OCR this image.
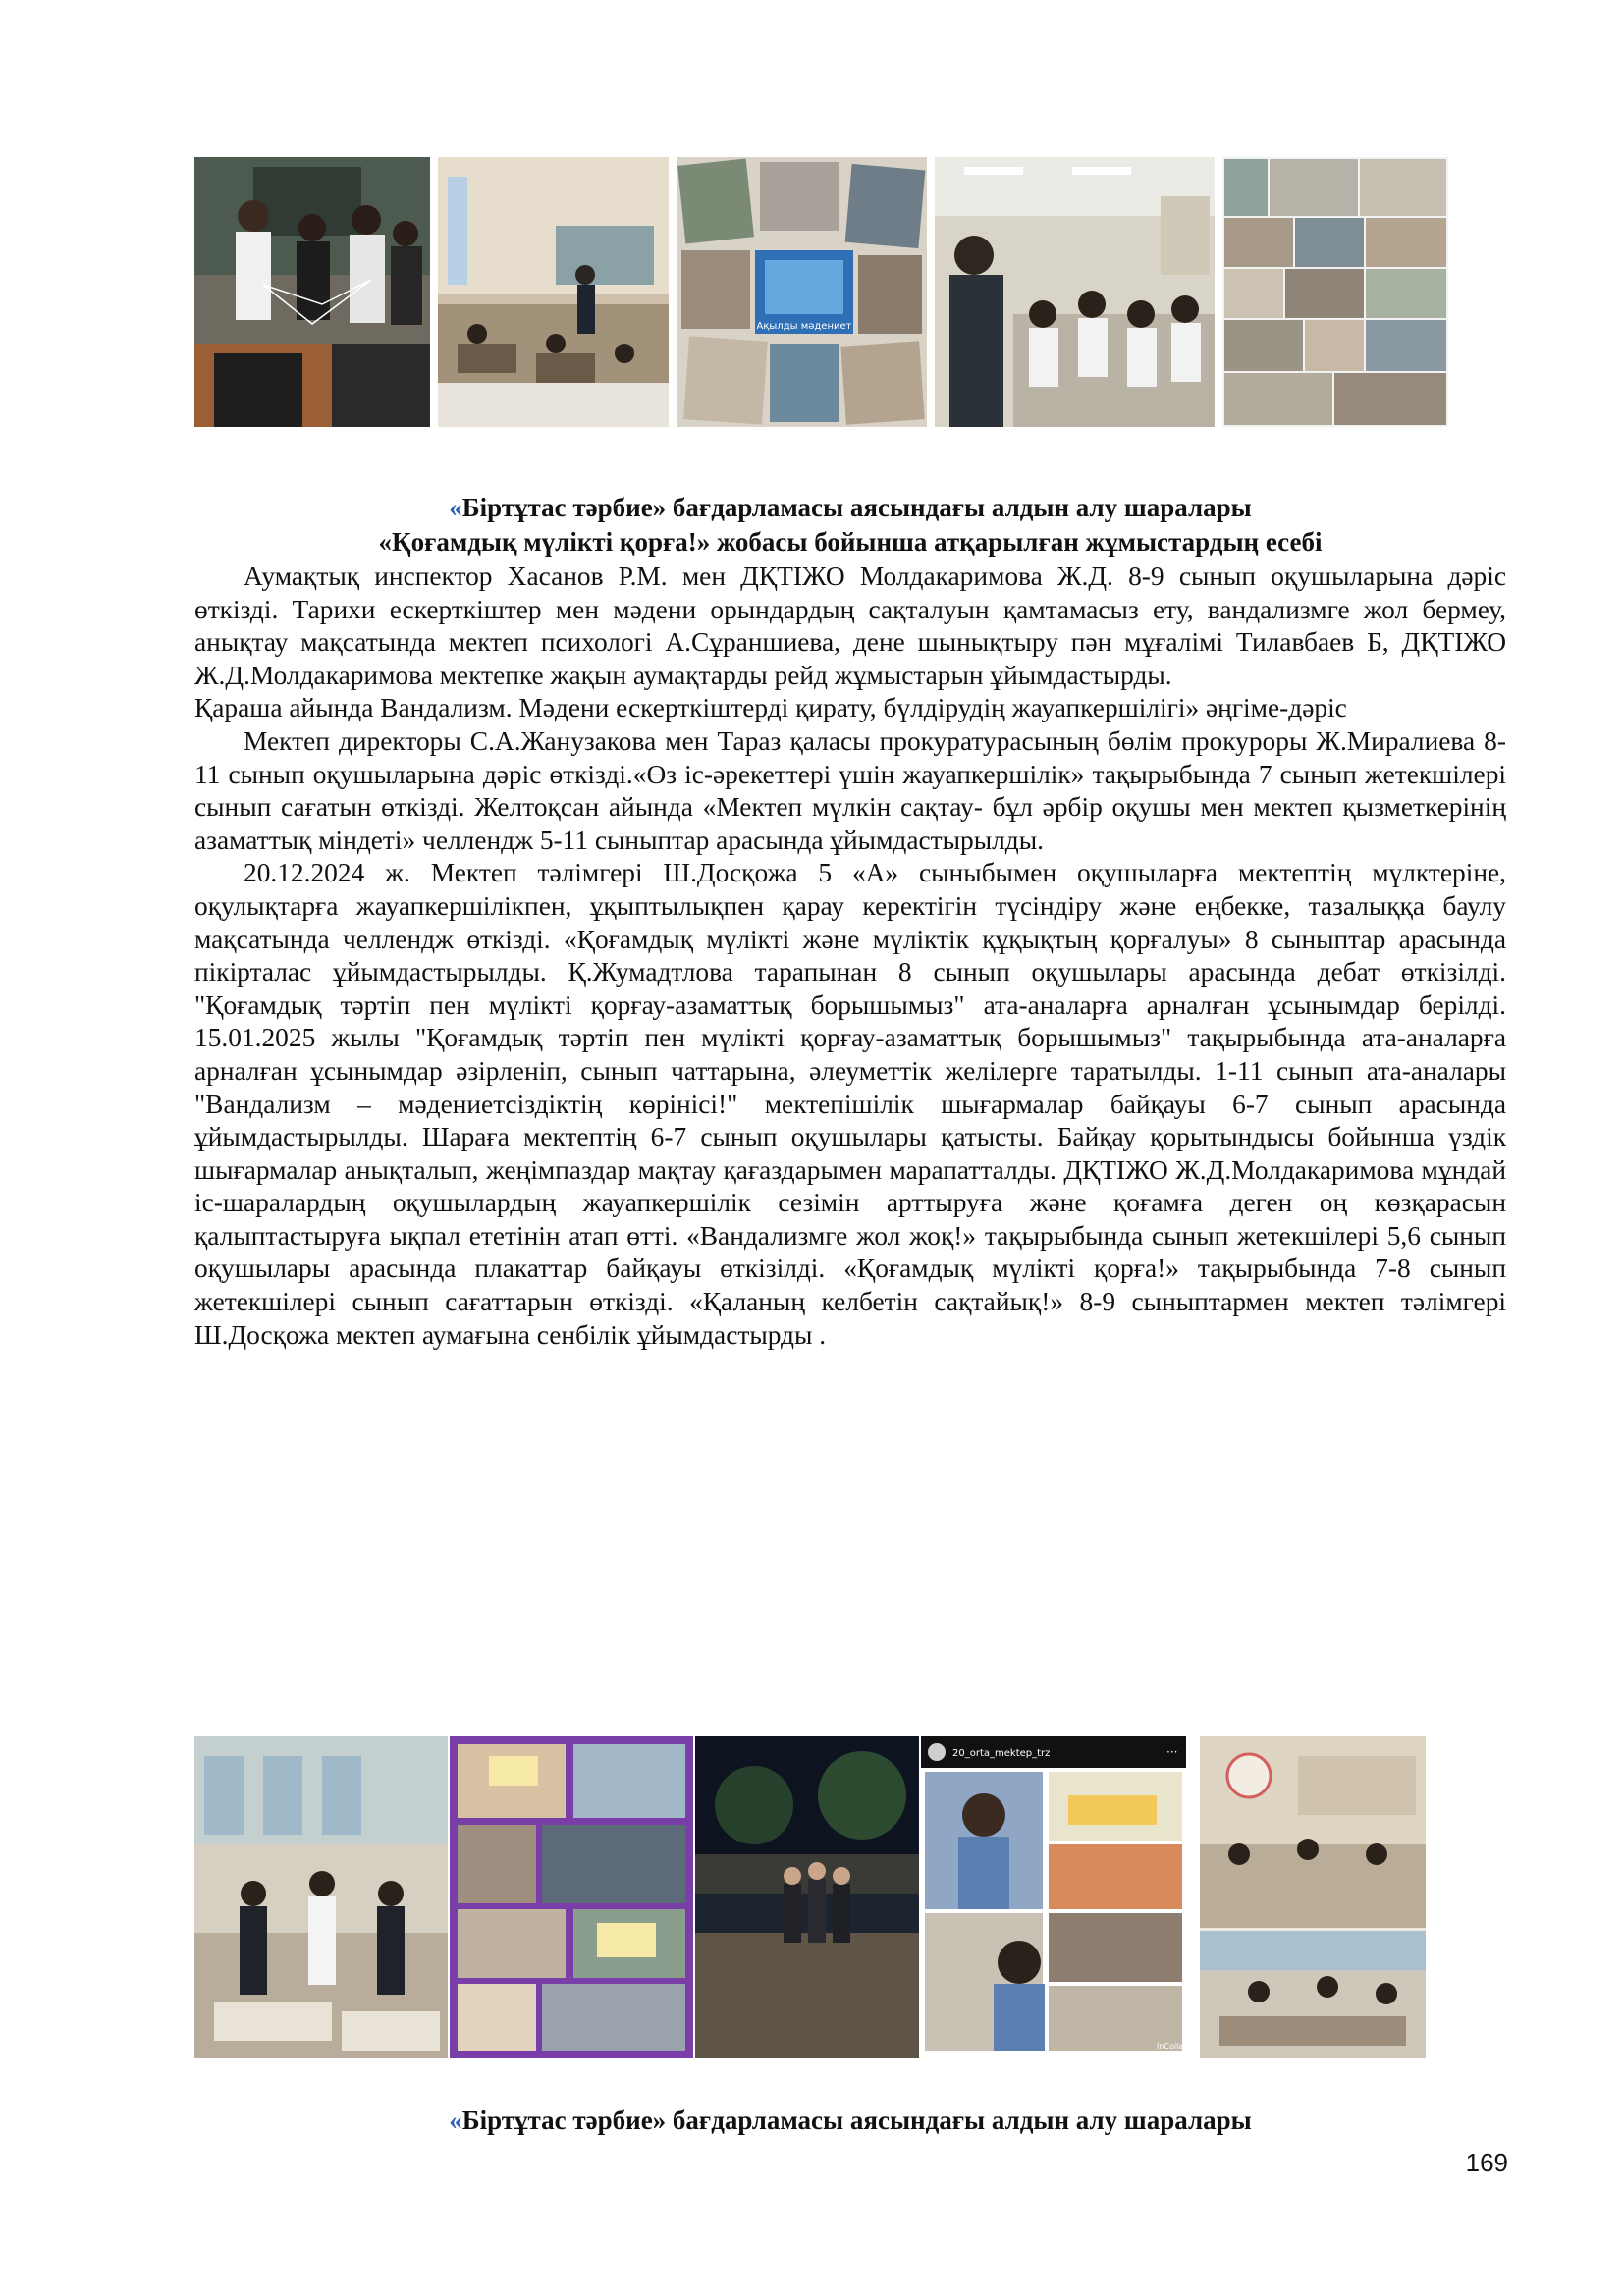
Ақылды мәдениет
«Біртұтас тәрбие» бағдарламасы аясындағы алдын алу шаралары
«Қоғамдық мүлікті қорға!» жобасы бойынша атқарылған жұмыстардың есебі

Аумақтық инспектор Хасанов Р.М. мен ДҚТІЖО Молдакаримова Ж.Д. 8-9 сынып оқушыларына дәріс өткізді. Тарихи ескерткіштер мен мәдени орындардың сақталуын қамтамасыз ету, вандализмге жол бермеу, анықтау мақсатында мектеп психологі А.Сұраншиева, дене шынықтыру пән мұғалімі Тилавбаев Б, ДҚТІЖО Ж.Д.Молдакаримова мектепке жақын аумақтарды рейд жұмыстарын ұйымдастырды.

Қараша айында Вандализм. Мәдени ескерткіштерді қирату, бүлдірудің жауапкершілігі» әңгіме-дәріс

Мектеп директоры С.А.Жанузакова мен Тараз қаласы прокуратурасының бөлім прокуроры Ж.Миралиева 8-11 сынып оқушыларына дәріс өткізді.«Өз іс-әрекеттері үшін жауапкершілік» тақырыбында 7 сынып жетекшілері сынып сағатын өткізді. Желтоқсан айында «Мектеп мүлкін сақтау- бұл әрбір оқушы мен мектеп қызметкерінің азаматтық міндеті» челлендж 5-11 сыныптар арасында ұйымдастырылды.

20.12.2024 ж. Мектеп тәлімгері Ш.Досқожа 5 «А» сыныбымен оқушыларға мектептің мүлктеріне, оқулықтарға жауапкершілікпен, ұқыптылықпен қарау керектігін түсіндіру және еңбекке, тазалыққа баулу мақсатында челлендж өткізді. «Қоғамдық мүлікті және мүліктік құқықтың қорғалуы» 8 сыныптар арасында пікірталас ұйымдастырылды. Қ.Жумадтлова тарапынан 8 сынып оқушылары арасында дебат өткізілді. "Қоғамдық тәртіп пен мүлікті қорғау-азаматтық борышымыз" ата-аналарға арналған ұсынымдар берілді. 15.01.2025 жылы "Қоғамдық тәртіп пен мүлікті қорғау-азаматтық борышымыз" тақырыбында ата-аналарға арналған ұсынымдар әзірленіп, сынып чаттарына, әлеуметтік желілерге таратылды. 1-11 сынып ата-аналары "Вандализм – мәдениетсіздіктің көрінісі!" мектепішілік шығармалар байқауы 6-7 сынып арасында ұйымдастырылды. Шараға мектептің 6-7 сынып оқушылары қатысты. Байқау қорытындысы бойынша үздік шығармалар анықталып, жеңімпаздар мақтау қағаздарымен марапатталды. ДҚТІЖО Ж.Д.Молдакаримова мұндай іс-шаралардың оқушылардың жауапкершілік сезімін арттыруға және қоғамға деген оң көзқарасын қалыптастыруға ықпал ететінін атап өтті. «Вандализмге жол жоқ!» тақырыбында сынып жетекшілері 5,6 сынып оқушылары арасында плакаттар байқауы өткізілді. «Қоғамдық мүлікті қорға!» тақырыбында 7-8 сынып жетекшілері сынып сағаттарын өткізді. «Қаланың келбетін сақтайық!» 8-9 сыныптармен мектеп тәлімгері Ш.Досқожа мектеп аумағына сенбілік ұйымдастырды .

20_orta_mektep_trz	···
InCollage
«Біртұтас тәрбие» бағдарламасы аясындағы алдын алу шаралары
169
